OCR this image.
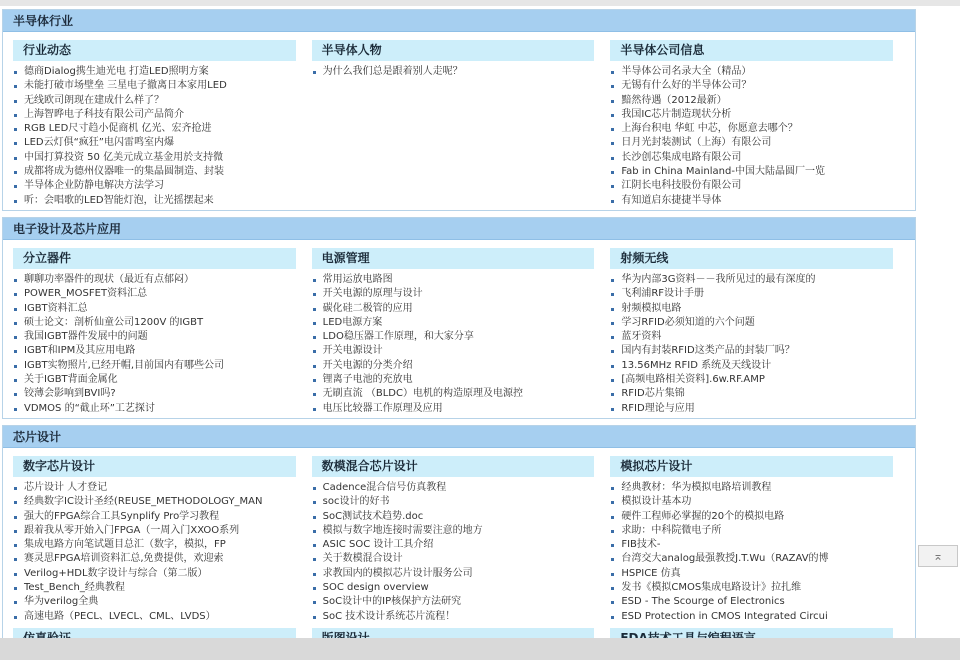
半导体行业
行业动态
德商Dialog携生迪光电 打造LED照明方案
未能打破市场壁垒 三星电子撤离日本家用LED
无线欧司朗现在建成什么样了？
上海智晔电子科技有限公司产品简介
RGB LED尺寸趋小促商机 亿光、宏齐抢进
LED云灯俱“疯狂”电闪雷鸣室内爆
中国打算投资 50 亿美元成立基金用於支持微
成都将成为德州仪器唯一的集晶圆制造、封装
半导体企业防静电解决方法学习
听：会唱歌的LED智能灯泡，让光摇摆起来
半导体人物
为什么我们总是跟着别人走呢？
半导体公司信息
半导体公司名录大全（精品）
无锡有什么好的半导体公司？
黯然待遇（2012最新）
我国IC芯片制造现状分析
上海台积电 华虹 中芯，你愿意去哪个？
日月光封装测试（上海）有限公司
长沙创芯集成电路有限公司
Fab in China Mainland-中国大陆晶圆厂一览
江阴长电科技股份有限公司
有知道启东捷捷半导体
电子设计及芯片应用
分立器件
聊聊功率器件的现状（最近有点郁闷）
POWER_MOSFET资料汇总
IGBT资料汇总
硕士论文：剖析仙童公司1200V 的IGBT
我国IGBT器件发展中的问题
IGBT和IPM及其应用电路
IGBT实物照片,已经开帽,目前国内有哪些公司
关于IGBT背面金属化
铰薄会影响到BVI吗?
VDMOS 的“截止环”工艺探讨
电源管理
常用运放电路图
开关电源的原理与设计
碳化硅二极管的应用
LED电源方案
LDO稳压器工作原理，和大家分享
开关电源设计
开关电源的分类介绍
锂离子电池的充放电
无刷直流 （BLDC）电机的构造原理及电源控
电压比较器工作原理及应用
射频无线
华为内部3G资料－－我所见过的最有深度的
飞利浦RF设计手册
射频模拟电路
学习RFID必须知道的六个问题
蓝牙资料
国内有封装RFID这类产品的封装厂吗？
13.56MHz RFID 系统及天线设计
[高频电路相关资料].6w.RF.AMP
RFID芯片集锦
RFID理论与应用
芯片设计
数字芯片设计
芯片设计 人才登记
经典数字IC设计圣经(REUSE_METHODOLOGY_MAN
强大的FPGA综合工具Synplify Pro学习教程
跟着我从零开始入门FPGA（一周入门XXOO系列
集成电路方向笔试题目总汇（数字，模拟，FP
赛灵思FPGA培训资料汇总,免费提供，欢迎索
Verilog+HDL数字设计与综合（第二版）
Test_Bench_经典教程
华为verilog全典
高速电路（PECL、LVECL、CML、LVDS）
数模混合芯片设计
Cadence混合信号仿真教程
soc设计的好书
SoC测试技术趋势.doc
模拟与数字地连接时需要注意的地方
ASIC SOC 设计工具介绍
关于数模混合设计
求教国内的模拟芯片设计服务公司
SOC design overview
SoC设计中的IP核保护方法研究
SoC 技术设计系统芯片流程！
模拟芯片设计
经典教材：华为模拟电路培训教程
模拟设计基本功
硬件工程师必掌握的20个的模拟电路
求助：中科院微电子所
FIB技术-
台湾交大analog最强教授J.T.Wu（RAZAV的博
HSPICE 仿真
发书《模拟CMOS集成电路设计》拉扎维
ESD - The Scourge of Electronics
ESD Protection in CMOS Integrated Circui
⌅
